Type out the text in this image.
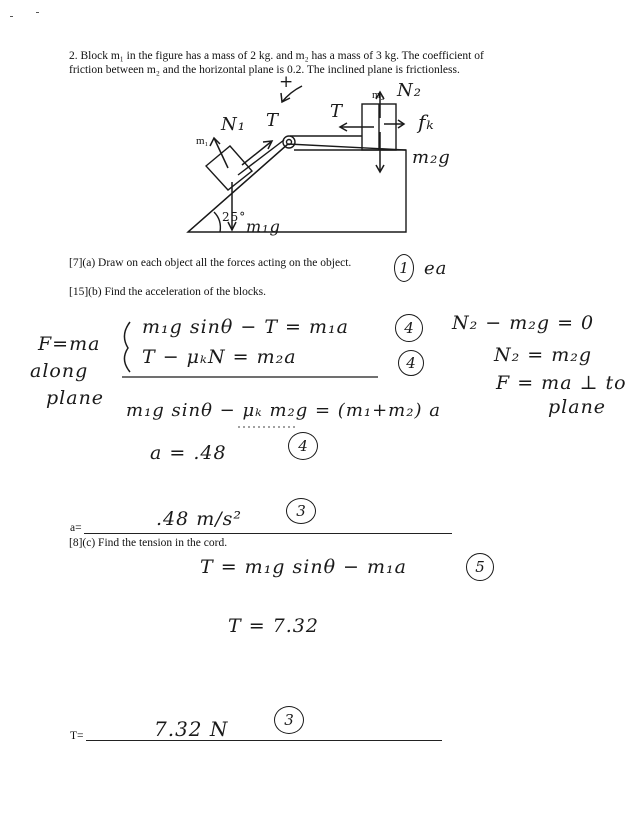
2. Block m₁ in the figure has a mass of 2 kg. and m₂ has a mass of 3 kg. The coefficient of
friction between m₂ and the horizontal plane is 0.2. The inclined plane is frictionless.
m₁
m₂
N₁ T
+
T
N₂
fₖ
m₂g
25° m₁g
[7](a) Draw on each object all the forces acting on the object.	1 ea
[15](b) Find the acceleration of the blocks.
F=ma
along
plane
m₁g sinθ − T = m₁a	4
T − μₖN = m₂a	4
N₂ − m₂g = 0
N₂ = m₂g
F = ma ⊥ to
plane
m₁g sinθ − μₖ m₂g = (m₁+m₂) a
a = .48	4
a=	.48 m/s²	3
[8](c) Find the tension in the cord.
T = m₁g sinθ − m₁a	5
T = 7.32
T=	7.32 N	3
